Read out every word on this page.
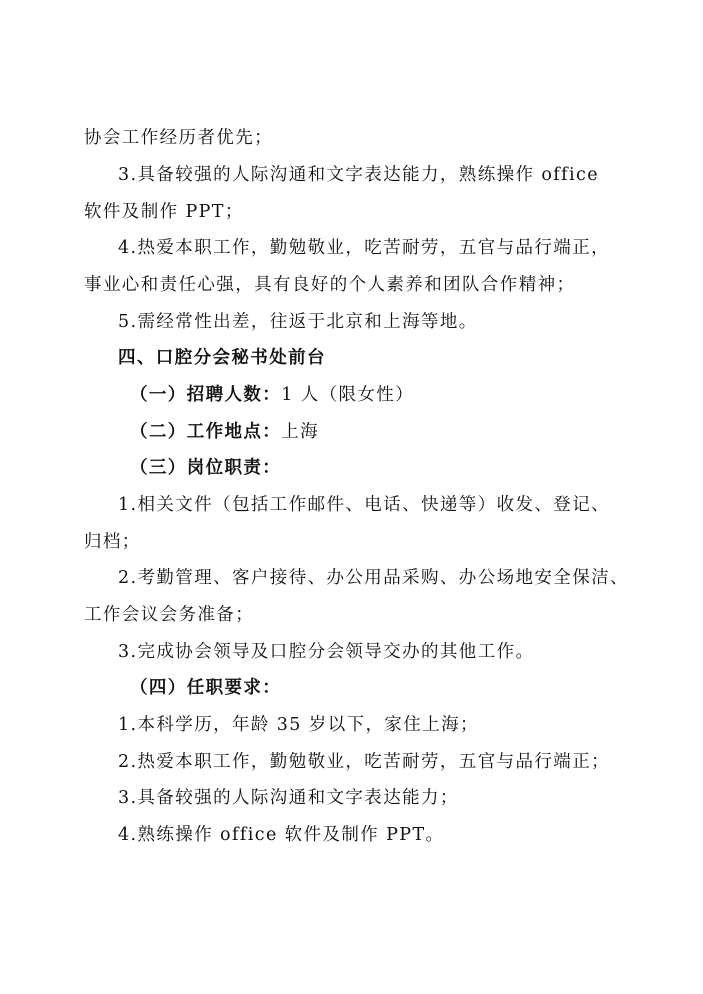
协会工作经历者优先；
3.具备较强的人际沟通和文字表达能力，熟练操作 office
软件及制作 PPT；
4.热爱本职工作，勤勉敬业，吃苦耐劳，五官与品行端正，
事业心和责任心强，具有良好的个人素养和团队合作精神；
5.需经常性出差，往返于北京和上海等地。
四、口腔分会秘书处前台
（一）招聘人数：1 人（限女性）
（二）工作地点：上海
（三）岗位职责：
1.相关文件（包括工作邮件、电话、快递等）收发、登记、
归档；
2.考勤管理、客户接待、办公用品采购、办公场地安全保洁、
工作会议会务准备；
3.完成协会领导及口腔分会领导交办的其他工作。
（四）任职要求：
1.本科学历，年龄 35 岁以下，家住上海；
2.热爱本职工作，勤勉敬业，吃苦耐劳，五官与品行端正；
3.具备较强的人际沟通和文字表达能力；
4.熟练操作 office 软件及制作 PPT。
